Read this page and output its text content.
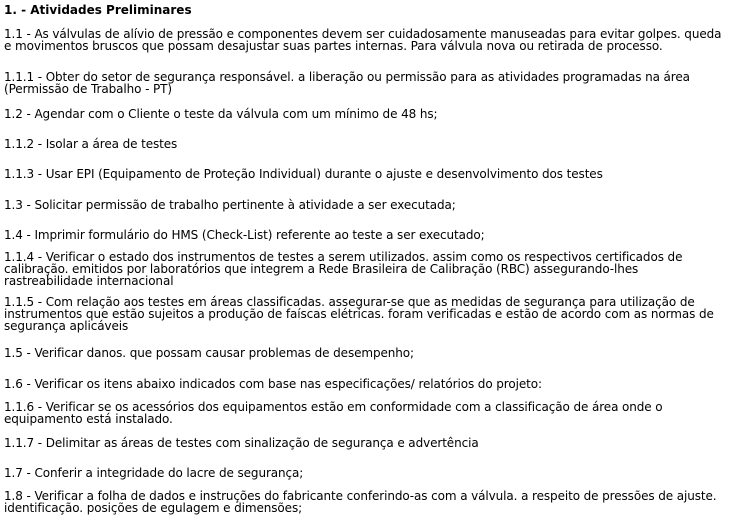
1. - Atividades Preliminares
1.1 - As válvulas de alívio de pressão e componentes devem ser cuidadosamente manuseadas para evitar golpes. queda e movimentos bruscos que possam desajustar suas partes internas. Para válvula nova ou retirada de processo.
1.1.1 - Obter do setor de segurança responsável. a liberação ou permissão para as atividades programadas na área (Permissão de Trabalho - PT)
1.2 - Agendar com o Cliente o teste da válvula com um mínimo de 48 hs;
1.1.2 - Isolar a área de testes
1.1.3 - Usar EPI (Equipamento de Proteção Individual) durante o ajuste e desenvolvimento dos testes
1.3 - Solicitar permissão de trabalho pertinente à atividade a ser executada;
1.4 - Imprimir formulário do HMS (Check-List) referente ao teste a ser executado;
1.1.4 - Verificar o estado dos instrumentos de testes a serem utilizados. assim como os respectivos certificados de calibração. emitidos por laboratórios que integrem a Rede Brasileira de Calibração (RBC) assegurando-lhes rastreabilidade internacional
1.1.5 - Com relação aos testes em áreas classificadas. assegurar-se que as medidas de segurança para utilização de instrumentos que estão sujeitos a produção de faíscas elétricas. foram verificadas e estão de acordo com as normas de segurança aplicáveis
1.5 - Verificar danos. que possam causar problemas de desempenho;
1.6 - Verificar os itens abaixo indicados com base nas especificações/ relatórios do projeto:
1.1.6 - Verificar se os acessórios dos equipamentos estão em conformidade com a classificação de área onde o equipamento está instalado.
1.1.7 - Delimitar as áreas de testes com sinalização de segurança e advertência
1.7 - Conferir a integridade do lacre de segurança;
1.8 - Verificar a folha de dados e instruções do fabricante conferindo-as com a válvula. a respeito de pressões de ajuste. identificação. posições de egulagem e dimensões;
